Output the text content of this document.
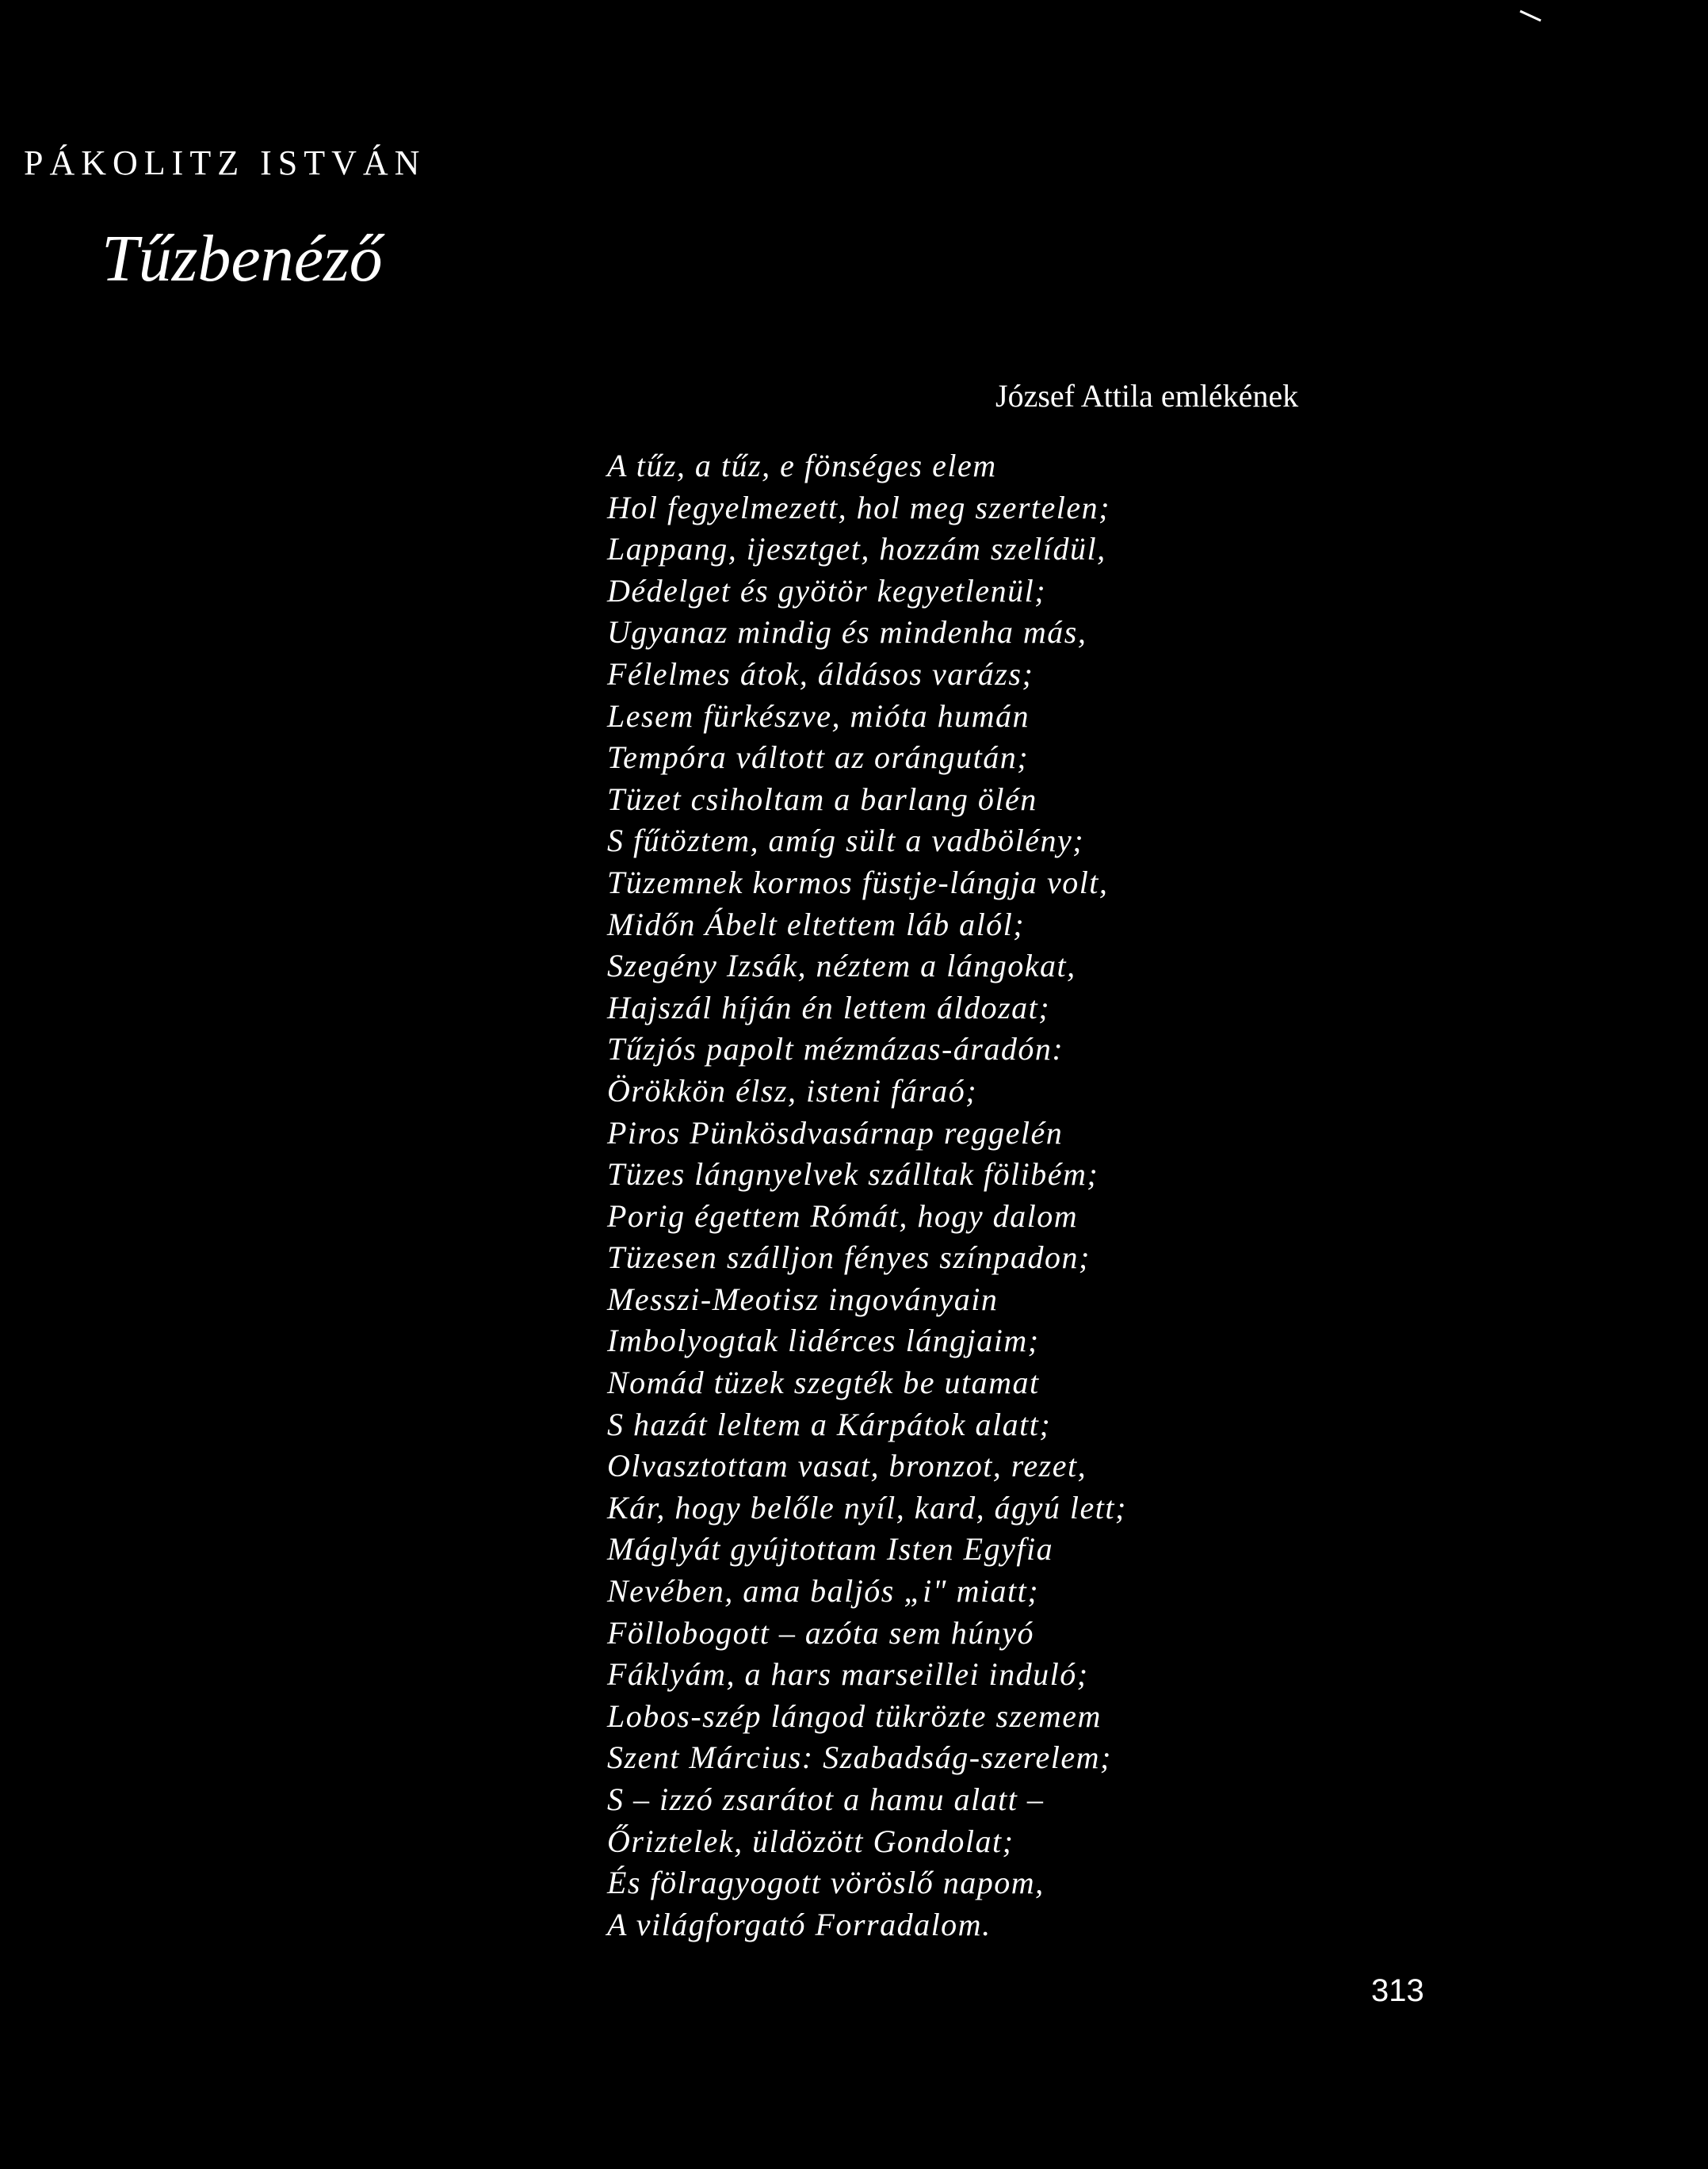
PÁKOLITZ ISTVÁN
Tűzbenéző
József Attila emlékének
A tűz, a tűz, e fönséges elem
Hol fegyelmezett, hol meg szertelen;
Lappang, ijesztget, hozzám szelídül,
Dédelget és gyötör kegyetlenül;
Ugyanaz mindig és mindenha más,
Félelmes átok, áldásos varázs;
Lesem fürkészve, mióta humán
Tempóra váltott az orángután;
Tüzet csiholtam a barlang ölén
S fűtöztem, amíg sült a vadbölény;
Tüzemnek kormos füstje-lángja volt,
Midőn Ábelt eltettem láb alól;
Szegény Izsák, néztem a lángokat,
Hajszál híján én lettem áldozat;
Tűzjós papolt mézmázas-áradón:
Örökkön élsz, isteni fáraó;
Piros Pünkösdvasárnap reggelén
Tüzes lángnyelvek szálltak fölibém;
Porig égettem Rómát, hogy dalom
Tüzesen szálljon fényes színpadon;
Messzi-Meotisz ingoványain
Imbolyogtak lidérces lángjaim;
Nomád tüzek szegték be utamat
S hazát leltem a Kárpátok alatt;
Olvasztottam vasat, bronzot, rezet,
Kár, hogy belőle nyíl, kard, ágyú lett;
Máglyát gyújtottam Isten Egyfia
Nevében, ama baljós „i" miatt;
Föllobogott – azóta sem húnyó
Fáklyám, a hars marseillei induló;
Lobos-szép lángod tükrözte szemem
Szent Március: Szabadság-szerelem;
S – izzó zsarátot a hamu alatt –
Őriztelek, üldözött Gondolat;
És fölragyogott vöröslő napom,
A világforgató Forradalom.
313
